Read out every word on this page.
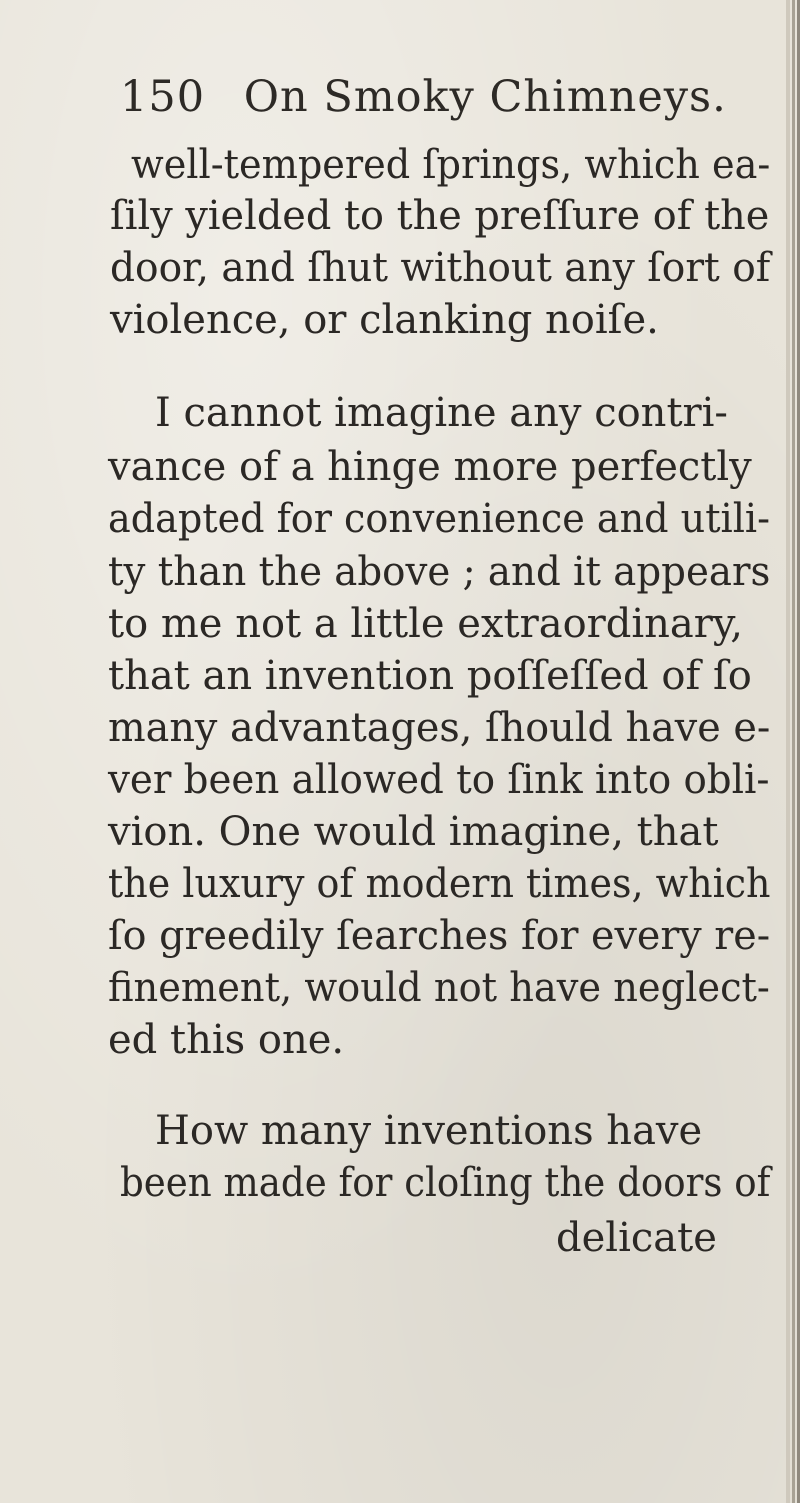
150 On Smoky Chimneys.
well-tempered ſprings, which ea-
ſily yielded to the preſſure of the
door, and ſhut without any ſort of
violence, or clanking noiſe.
I cannot imagine any contri-
vance of a hinge more perfectly
adapted for convenience and utili-
ty than the above ; and it appears
to me not a little extraordinary,
that an invention poſſeſſed of ſo
many advantages, ſhould have e-
ver been allowed to ſink into obli-
vion. One would imagine, that
the luxury of modern times, which
ſo greedily ſearches for every re-
finement, would not have neglect-
ed this one.
How many inventions have
been made for cloſing the doors of
delicate
